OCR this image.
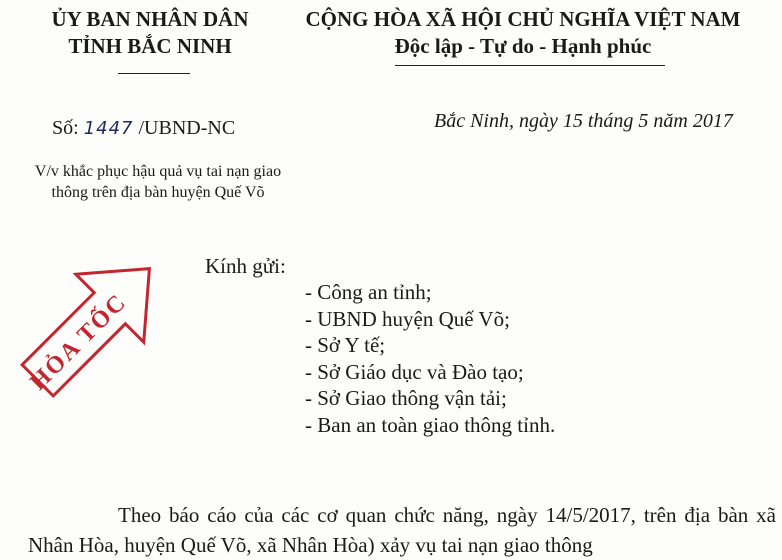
ỦY BAN NHÂN DÂN
TỈNH BẮC NINH
CỘNG HÒA XÃ HỘI CHỦ NGHĨA VIỆT NAM
Độc lập - Tự do - Hạnh phúc
Số: 1447 /UBND-NC	Bắc Ninh, ngày 15 tháng 5 năm 2017
V/v khắc phục hậu quả vụ tai nạn giao
thông trên địa bàn huyện Quế Võ
HỎA TỐC
Kính gửi:
- Công an tỉnh;
- UBND huyện Quế Võ;
- Sở Y tế;
- Sở Giáo dục và Đào tạo;
- Sở Giao thông vận tải;
- Ban an toàn giao thông tỉnh.
Theo báo cáo của các cơ quan chức năng, ngày 14/5/2017, trên địa bàn xã Nhân Hòa, huyện Quế Võ, xã Nhân Hòa) xảy vụ tai nạn giao thông
